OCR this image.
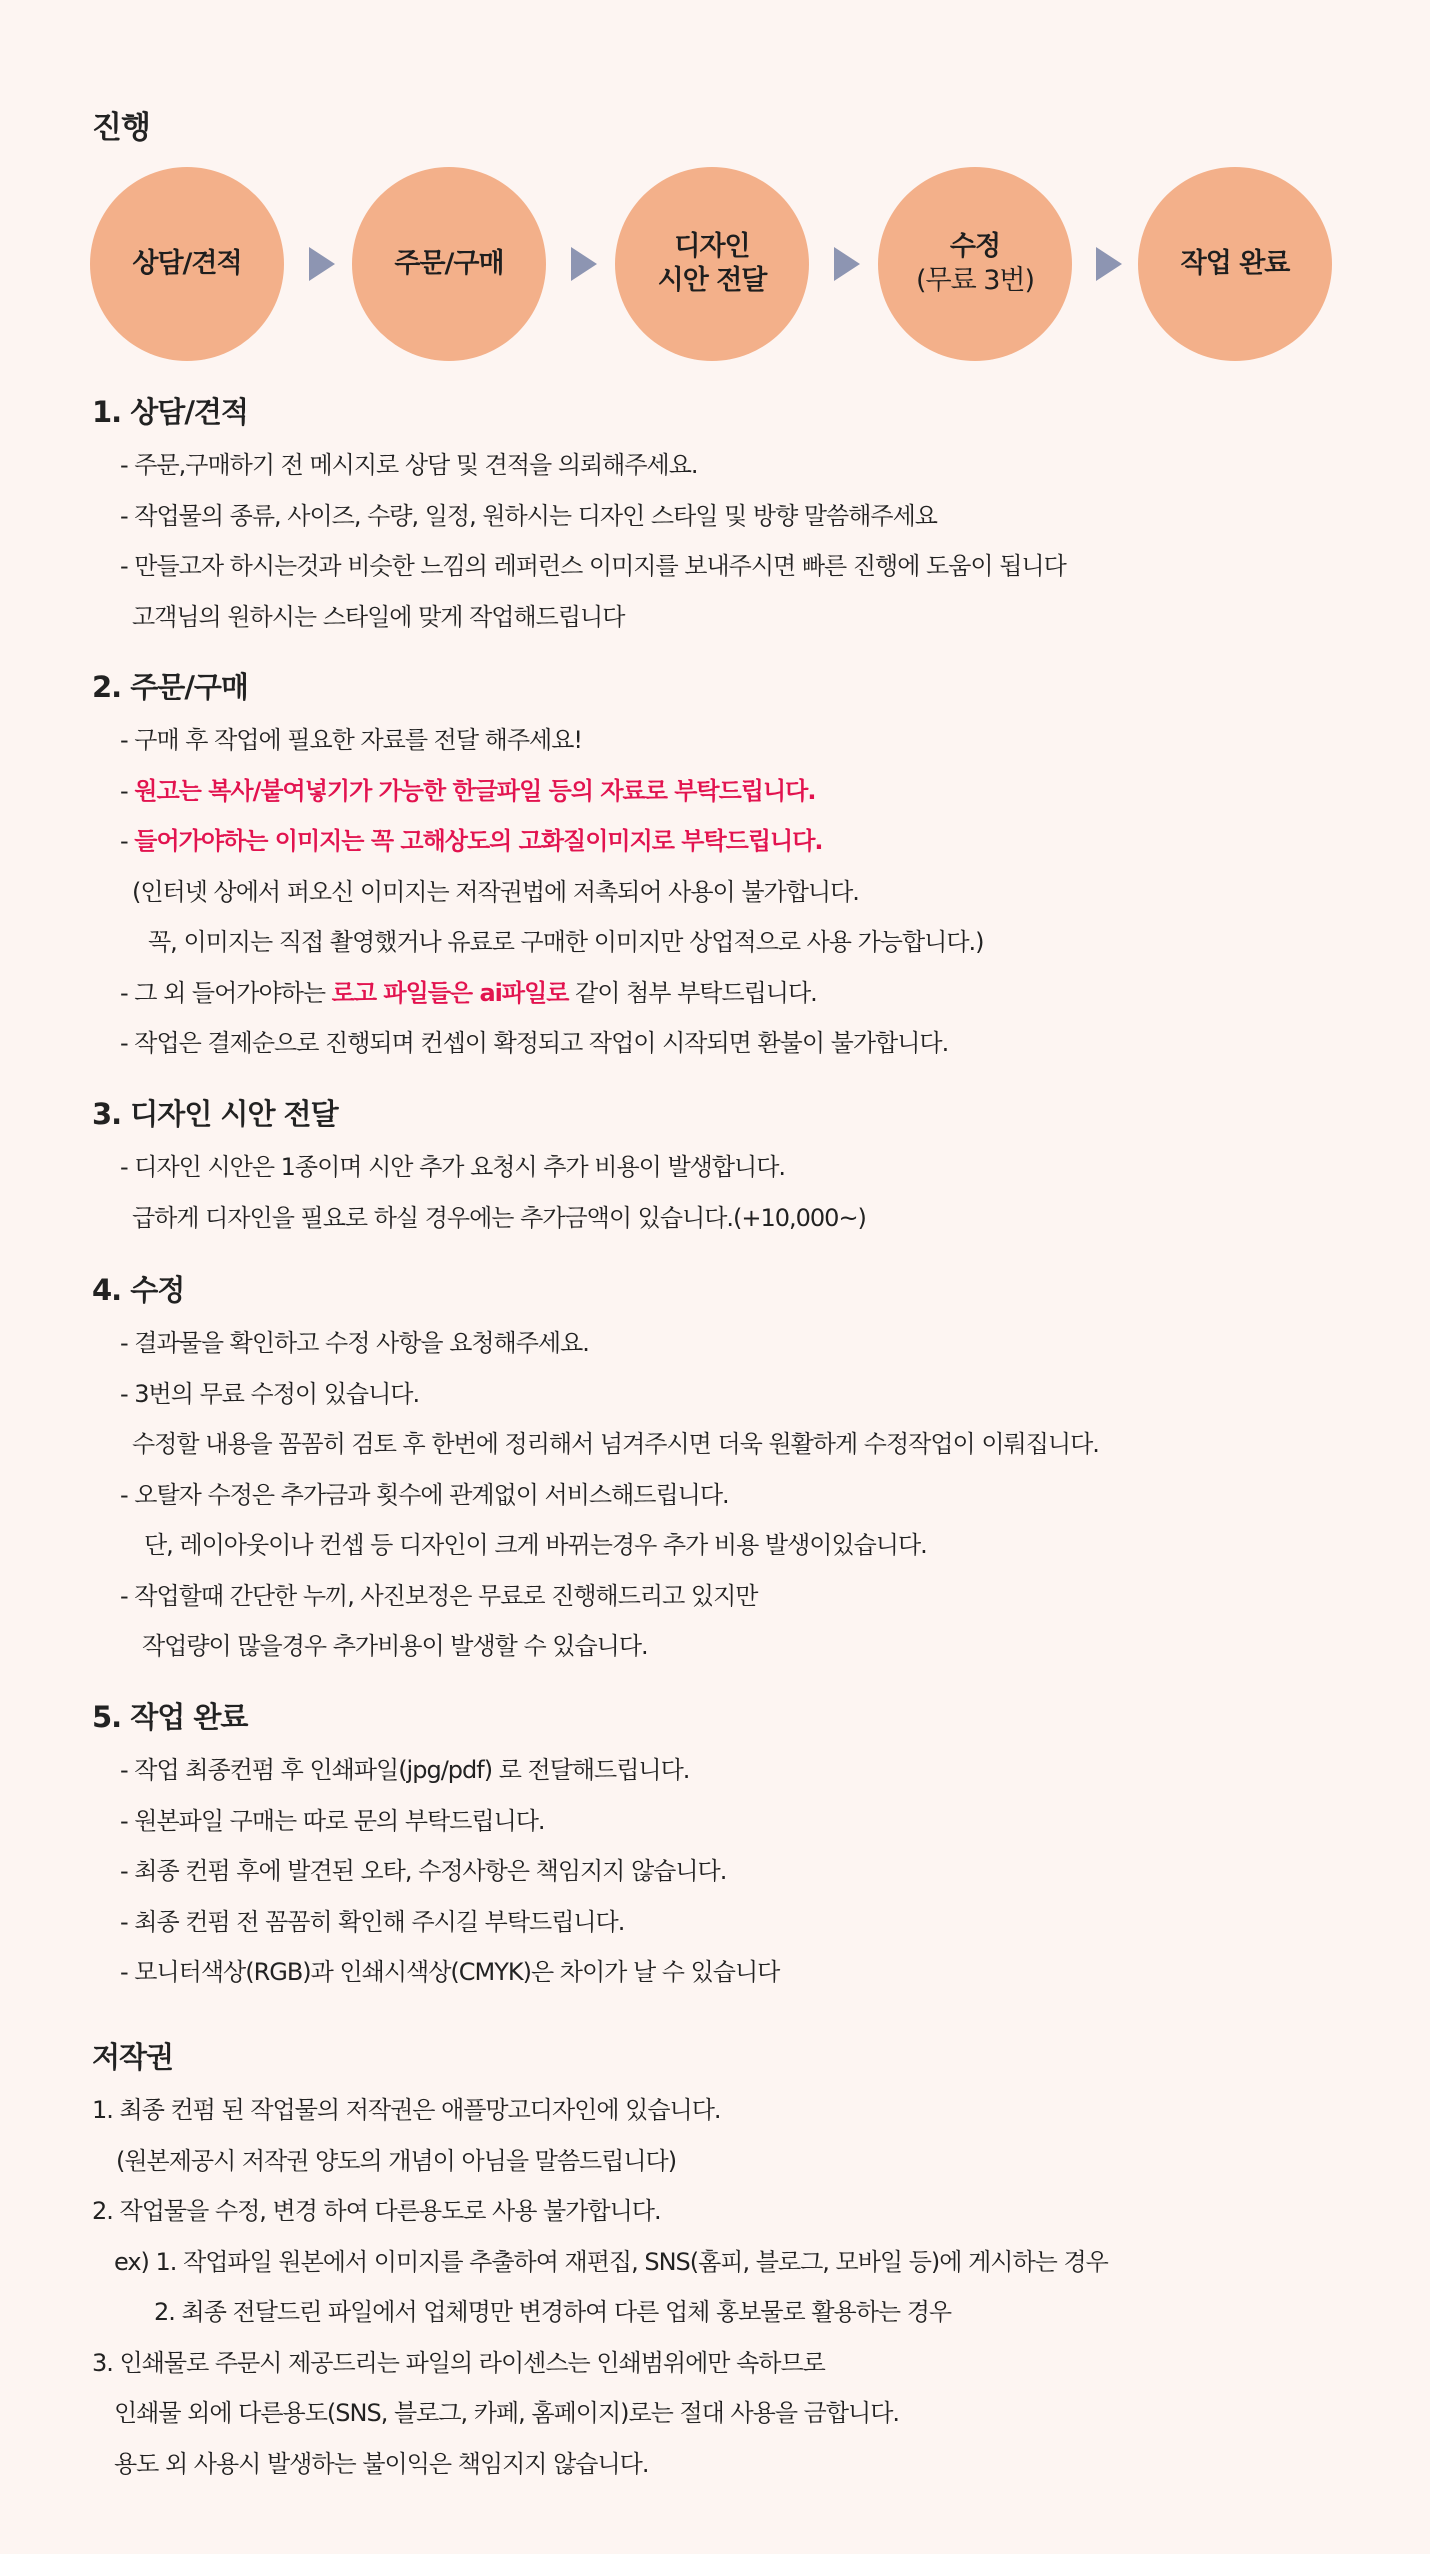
진행
상담/견적	주문/구매
디자인
시안 전달
수정
(무료 3번)
작업 완료
1. 상담/견적
- 주문,구매하기 전 메시지로 상담 및 견적을 의뢰해주세요.
- 작업물의 종류, 사이즈, 수량, 일정, 원하시는 디자인 스타일 및 방향 말씀해주세요
- 만들고자 하시는것과 비슷한 느낌의 레퍼런스 이미지를 보내주시면 빠른 진행에 도움이 됩니다
고객님의 원하시는 스타일에 맞게 작업해드립니다
2. 주문/구매
- 구매 후 작업에 필요한 자료를 전달 해주세요!
- 원고는 복사/붙여넣기가 가능한 한글파일 등의 자료로 부탁드립니다.
- 들어가야하는 이미지는 꼭 고해상도의 고화질이미지로 부탁드립니다.
(인터넷 상에서 퍼오신 이미지는 저작권법에 저촉되어 사용이 불가합니다.
꼭, 이미지는 직접 촬영했거나 유료로 구매한 이미지만 상업적으로 사용 가능합니다.)
- 그 외 들어가야하는 로고 파일들은 ai파일로 같이 첨부 부탁드립니다.
- 작업은 결제순으로 진행되며 컨셉이 확정되고 작업이 시작되면 환불이 불가합니다.
3. 디자인 시안 전달
- 디자인 시안은 1종이며 시안 추가 요청시 추가 비용이 발생합니다.
급하게 디자인을 필요로 하실 경우에는 추가금액이 있습니다.(+10,000~)
4. 수정
- 결과물을 확인하고 수정 사항을 요청해주세요.
- 3번의 무료 수정이 있습니다.
수정할 내용을 꼼꼼히 검토 후 한번에 정리해서 넘겨주시면 더욱 원활하게 수정작업이 이뤄집니다.
- 오탈자 수정은 추가금과 횟수에 관계없이 서비스해드립니다.
단, 레이아웃이나 컨셉 등 디자인이 크게 바뀌는경우 추가 비용 발생이있습니다.
- 작업할때 간단한 누끼, 사진보정은 무료로 진행해드리고 있지만
작업량이 많을경우 추가비용이 발생할 수 있습니다.
5. 작업 완료
- 작업 최종컨펌 후 인쇄파일(jpg/pdf) 로 전달해드립니다.
- 원본파일 구매는 따로 문의 부탁드립니다.
- 최종 컨펌 후에 발견된 오타, 수정사항은 책임지지 않습니다.
- 최종 컨펌 전 꼼꼼히 확인해 주시길 부탁드립니다.
- 모니터색상(RGB)과 인쇄시색상(CMYK)은 차이가 날 수 있습니다
저작권
1. 최종 컨펌 된 작업물의 저작권은 애플망고디자인에 있습니다.
(원본제공시 저작권 양도의 개념이 아님을 말씀드립니다)
2. 작업물을 수정, 변경 하여 다른용도로 사용 불가합니다.
ex) 1. 작업파일 원본에서 이미지를 추출하여 재편집, SNS(홈피, 블로그, 모바일 등)에 게시하는 경우
2. 최종 전달드린 파일에서 업체명만 변경하여 다른 업체 홍보물로 활용하는 경우
3. 인쇄물로 주문시 제공드리는 파일의 라이센스는 인쇄범위에만 속하므로
인쇄물 외에 다른용도(SNS, 블로그, 카페, 홈페이지)로는 절대 사용을 금합니다.
용도 외 사용시 발생하는 불이익은 책임지지 않습니다.
